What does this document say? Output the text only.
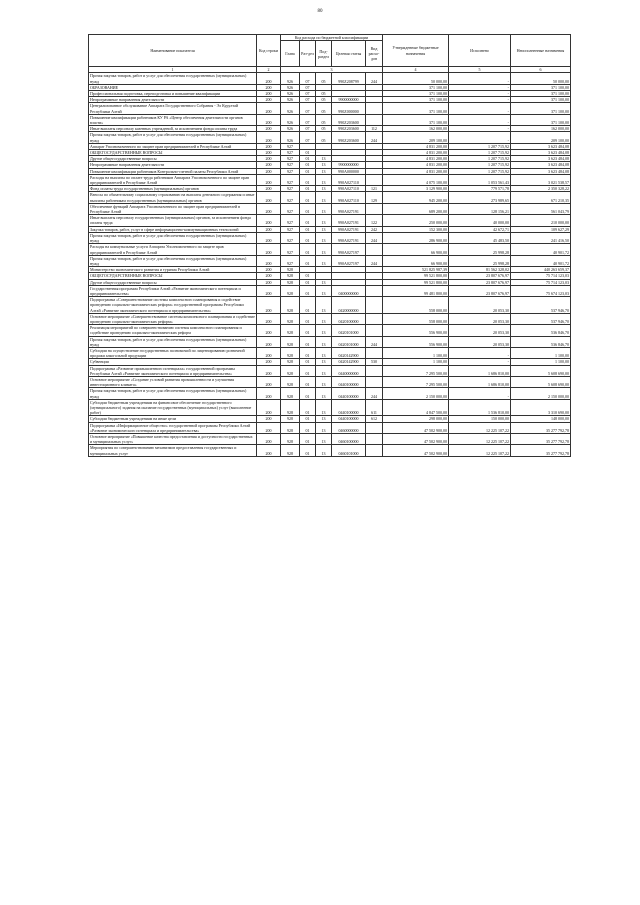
80
Наименование показателя	Код строки	Код расхода по бюджетной классификации					Утвержденные бюджетные назначения	Исполнено	Неисполненные назначения
		Глава	Раз-дел	Под-раздел	Целевая статья	Вид расхо-дов			
1	2	3					4	5	6
Прочая закупка товаров, работ и услуг для обеспечения государственных (муниципальных) нужд	200	926	07	05	990Z208799	244	50 000,00	-	50 000,00
ОБРАЗОВАНИЕ	200	926	07				371 100,00	-	371 100,00
Профессиональная подготовка, переподготовка и повышение квалификации	200	926	07	05			371 100,00	-	371 100,00
Непрограммные направления деятельности	200	926	07	05	9900000000		371 100,00	-	371 100,00
Централизованное обслуживание Аппарата Государственного Собрания - Эл Курултай Республики Алтай	200	926	07	05	990Z000000		371 100,00	-	371 100,00
Повышение квалификации работников КУ РА «Центр обеспечения деятельности органов власти»	200	926	07	05	990Z203600		371 100,00	-	371 100,00
Иные выплаты персоналу казенных учреждений, за исключением фонда оплаты труда	200	926	07	05	990Z203600	112	162 000,00	-	162 000,00
Прочая закупка товаров, работ и услуг для обеспечения государственных (муниципальных) нужд	200	926	07	05	990Z203600	244	209 100,00	-	209 100,00
Аппарат Уполномоченного по защите прав предпринимателей в Республике Алтай	200	927					4 831 200,00	1 207 715,92	3 623 484,08
ОБЩЕГОСУДАРСТВЕННЫЕ ВОПРОСЫ	200	927	01				4 831 200,00	1 207 715,92	3 623 484,08
Другие общегосударственные вопросы	200	927	01	13			4 831 200,00	1 207 715,92	3 623 484,08
Непрограммные направления деятельности	200	927	01	13	9900000000		4 831 200,00	1 207 715,92	3 623 484,08
Повышение квалификации работников Контрольно-счетной палаты Республики Алтай	200	927	01	13	990А000000		4 831 200,00	1 207 715,92	3 623 484,08
Расходы на выплаты по оплате труда работников Аппарата Уполномоченного по защите прав предпринимателей в Республике Алтай	200	927	01	13	990А027110		4 075 100,00	1 053 561,43	3 021 538,57
Фонд оплаты труда государственных (муниципальных) органов	200	927	01	13	990А027110	121	3 129 900,00	779 571,78	2 350 328,22
Взносы по обязательному социальному страхованию на выплаты денежного содержания и иные выплаты работникам государственных (муниципальных) органов	200	927	01	13	990А027110	129	945 200,00	273 989,65	671 210,35
Обеспечение функций Аппарата Уполномоченного по защите прав предпринимателей в Республике Алтай	200	927	01	13	990А027191		689 200,00	128 156,21	561 043,79
Иные выплаты персоналу государственных (муниципальных) органов, за исключением фонда оплаты труда	200	927	01	13	990А027191	122	250 000,00	40 000,00	210 000,00
Закупка товаров, работ, услуг в сфере информационно-коммуникационных технологий	200	927	01	13	990А027191	242	152 300,00	42 672,71	109 627,29
Прочая закупка товаров, работ и услуг для обеспечения государственных (муниципальных) нужд	200	927	01	13	990А027191	244	286 900,00	45 483,50	241 416,50
Расходы на коммунальные услуги Аппарата Уполномоченного по защите прав предпринимателей в Республике Алтай	200	927	01	13	990А027197		66 900,00	25 998,28	40 901,72
Прочая закупка товаров, работ и услуг для обеспечения государственных (муниципальных) нужд	200	927	01	13	990А027197	244	66 900,00	25 998,28	40 901,72
Министерство экономического развития и туризма Республики Алтай	200	928					521 825 987,39	81 562 328,02	440 263 659,37
ОБЩЕГОСУДАРСТВЕННЫЕ ВОПРОСЫ	200	928	01				99 521 800,00	23 807 676,97	75 714 123,03
Другие общегосударственные вопросы	200	928	01	13			99 521 800,00	23 807 676,97	75 714 123,03
Государственная программа Республики Алтай «Развитие экономического потенциала и предпринимательства»	200	928	01	13	0400000000		99 481 800,00	23 807 676,97	75 674 123,03
Подпрограмма «Совершенствование системы комплексного планирования и содействие проведению социально-экономических реформ» государственной программы Республики Алтай «Развитие экономического потенциала и предпринимательства»	200	928	01	13	0420000000		558 000,00	20 053,30	537 946,70
Основное мероприятие «Совершенствование системы комплексного планирования и содействие проведению социально-экономических реформ»	200	928	01	13	0420100000		558 000,00	20 053,30	537 946,70
Реализация мероприятий по совершенствованию системы комплексного планирования и содействие проведению социально-экономических реформ	200	928	01	13	0420101000		556 900,00	20 053,30	536 846,70
Прочая закупка товаров, работ и услуг для обеспечения государственных (муниципальных) нужд	200	928	01	13	0420101000	244	556 900,00	20 053,30	536 846,70
Субсидии на осуществление государственных полномочий по лицензированию розничной продажи алкогольной продукции	200	928	01	13	0420142900		1 100,00	-	1 100,00
Субвенции	200	928	01	13	0420142900	530	1 100,00	-	1 100,00
Подпрограмма «Развитие промышленного потенциала» государственной программы Республики Алтай «Развитие экономического потенциала и предпринимательства»	200	928	01	13	0440000000		7 295 500,00	1 686 810,00	5 608 690,00
Основное мероприятие «Создание условий развития промышленности и улучшения инвестиционного климата»	200	928	01	13	0440100000		7 295 500,00	1 686 810,00	5 608 690,00
Прочая закупка товаров, работ и услуг для обеспечения государственных (муниципальных) нужд	200	928	01	13	0440100000	244	2 150 000,00	-	2 150 000,00
Субсидии бюджетным учреждениям на финансовое обеспечение государственного (муниципального) задания на оказание государственных (муниципальных) услуг (выполнение работ)	200	928	01	13	0440100000	611	4 847 500,00	1 536 810,00	3 310 690,00
Субсидии бюджетным учреждениям на иные цели	200	928	01	13	0440100000	612	298 000,00	150 000,00	148 000,00
Подпрограмма «Информационное общество» государственной программы Республики Алтай «Развитие экономического потенциала и предпринимательства»	200	928	01	13	0460000000		47 502 900,00	12 225 107,22	35 277 792,78
Основное мероприятие «Повышение качества предоставления и доступности государственных и муниципальных услуг»	200	928	01	13	0460100000		47 502 900,00	12 225 107,22	35 277 792,78
Мероприятия по совершенствованию механизмов предоставления государственных и муниципальных услуг	200	928	01	13	0460101000		47 502 900,00	12 225 107,22	35 277 792,78
